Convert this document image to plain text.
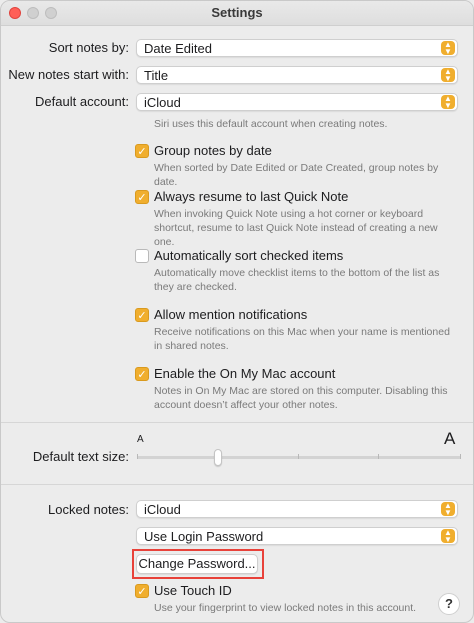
Settings
Sort notes by: Date Edited	▲
▼
New notes start with: Title	▲
▼
Default account: iCloud	▲
▼
Siri uses this default account when creating notes.
✓ Group notes by date
When sorted by Date Edited or Date Created, group notes by date.
✓ Always resume to last Quick Note
When invoking Quick Note using a hot corner or keyboard shortcut, resume to last Quick Note instead of creating a new one.
Automatically sort checked items
Automatically move checklist items to the bottom of the list as they are checked.
✓ Allow mention notifications
Receive notifications on this Mac when your name is mentioned in shared notes.
✓ Enable the On My Mac account
Notes in On My Mac are stored on this computer. Disabling this account doesn’t affect your other notes.
Default text size:
A	A
Locked notes: iCloud	▲
▼
Use Login Password	▲
▼
Change Password...
✓ Use Touch ID
Use your fingerprint to view locked notes in this account.	?
